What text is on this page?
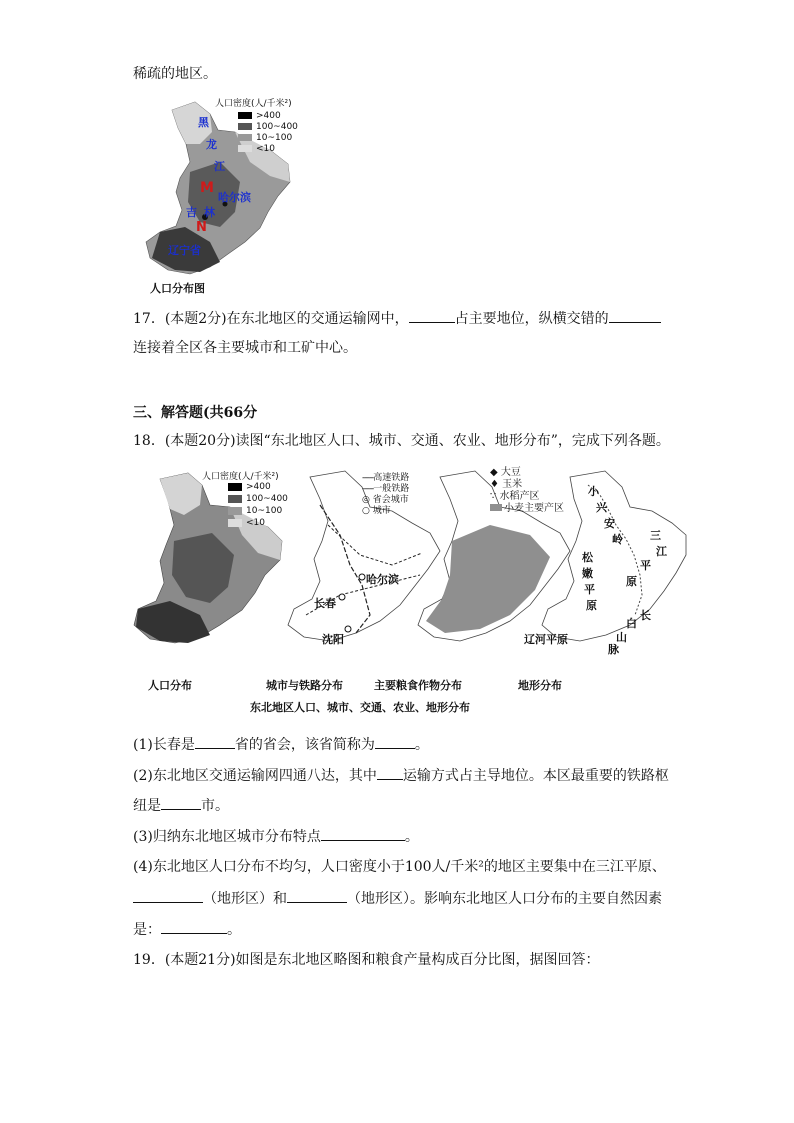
稀疏的地区。
人口密度(人/千米²)
>400
100~400
10~100
<10
黑
龙
江
M
哈尔滨
吉 林
N
辽宁省
人口分布图
17．(本题2分)在东北地区的交通运输网中，	占主要地位，纵横交错的
连接着全区各主要城市和工矿中心。
三、解答题(共66分
18．(本题20分)读图“东北地区人口、城市、交通、农业、地形分布”，完成下列各题。
人口密度(人/千米²)
>400
100~400
10~100
<10
人口分布
-----高速铁路
-----一般铁路
◎ 省会城市
○ 城市
哈尔滨
长春
沈阳
城市与铁路分布
◆ 大豆
♦ 玉米
∵ 水稻产区
小麦主要产区
主要粮食作物分布
小
兴
安
岭
松
嫩
平
原
三
江
平
原
长
白
山
脉
辽河平原
地形分布
东北地区人口、城市、交通、农业、地形分布
(1)长春是	省的省会，该省简称为	。
(2)东北地区交通运输网四通八达，其中 运输方式占主导地位。本区最重要的铁路枢
纽是	市。
(3)归纳东北地区城市分布特点	。
(4)东北地区人口分布不均匀，人口密度小于100人/千米²的地区主要集中在三江平原、
（地形区）和	（地形区）。影响东北地区人口分布的主要自然因素
是：	。
19．(本题21分)如图是东北地区略图和粮食产量构成百分比图，据图回答：
